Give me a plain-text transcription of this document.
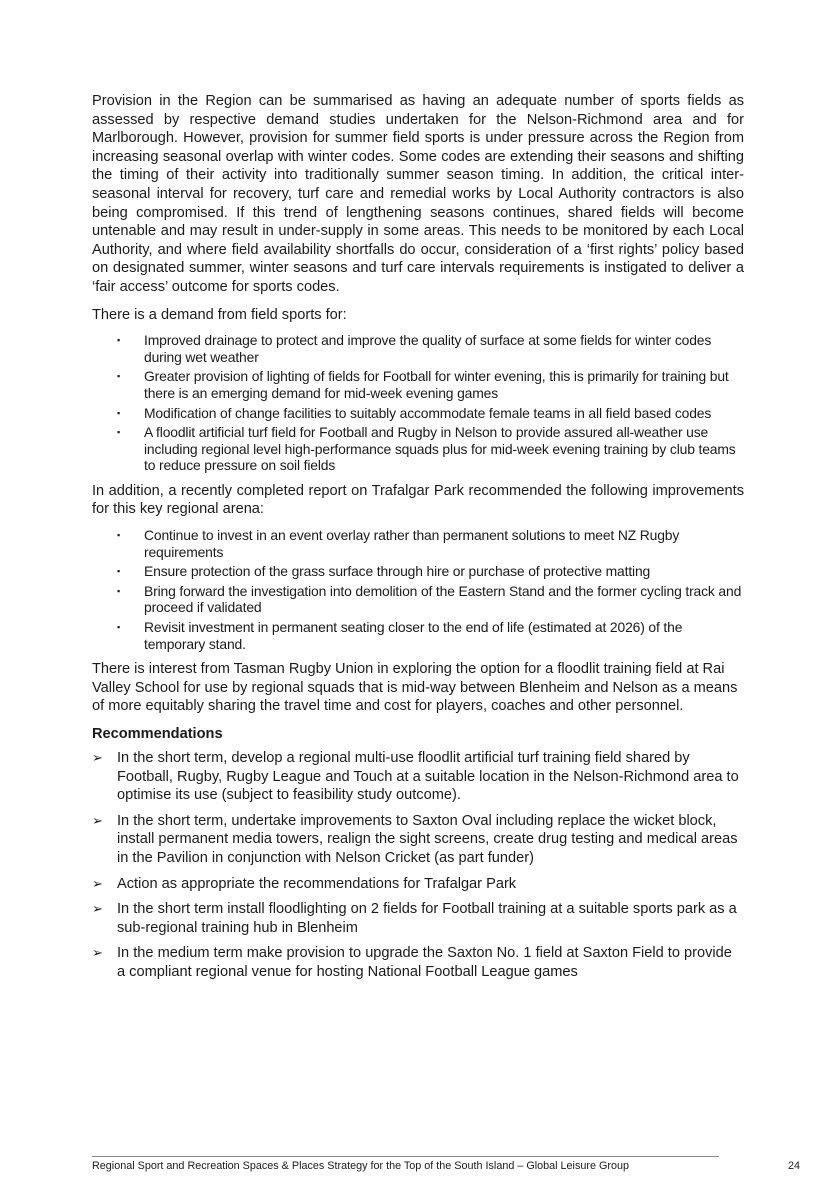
Provision in the Region can be summarised as having an adequate number of sports fields as assessed by respective demand studies undertaken for the Nelson-Richmond area and for Marlborough. However, provision for summer field sports is under pressure across the Region from increasing seasonal overlap with winter codes. Some codes are extending their seasons and shifting the timing of their activity into traditionally summer season timing. In addition, the critical inter-seasonal interval for recovery, turf care and remedial works by Local Authority contractors is also being compromised. If this trend of lengthening seasons continues, shared fields will become untenable and may result in under-supply in some areas. This needs to be monitored by each Local Authority, and where field availability shortfalls do occur, consideration of a ‘first rights’ policy based on designated summer, winter seasons and turf care intervals requirements is instigated to deliver a ‘fair access’ outcome for sports codes.

There is a demand from field sports for:

▪ Improved drainage to protect and improve the quality of surface at some fields for winter codes during wet weather
▪ Greater provision of lighting of fields for Football for winter evening, this is primarily for training but there is an emerging demand for mid-week evening games
▪ Modification of change facilities to suitably accommodate female teams in all field based codes
▪ A floodlit artificial turf field for Football and Rugby in Nelson to provide assured all-weather use including regional level high-performance squads plus for mid-week evening training by club teams to reduce pressure on soil fields

In addition, a recently completed report on Trafalgar Park recommended the following improvements for this key regional arena:

▪ Continue to invest in an event overlay rather than permanent solutions to meet NZ Rugby requirements
▪ Ensure protection of the grass surface through hire or purchase of protective matting
▪ Bring forward the investigation into demolition of the Eastern Stand and the former cycling track and proceed if validated
▪ Revisit investment in permanent seating closer to the end of life (estimated at 2026) of the temporary stand.

There is interest from Tasman Rugby Union in exploring the option for a floodlit training field at Rai Valley School for use by regional squads that is mid-way between Blenheim and Nelson as a means of more equitably sharing the travel time and cost for players, coaches and other personnel.

Recommendations
➢ In the short term, develop a regional multi-use floodlit artificial turf training field shared by Football, Rugby, Rugby League and Touch at a suitable location in the Nelson-Richmond area to optimise its use (subject to feasibility study outcome).
➢ In the short term, undertake improvements to Saxton Oval including replace the wicket block, install permanent media towers, realign the sight screens, create drug testing and medical areas in the Pavilion in conjunction with Nelson Cricket (as part funder)
➢ Action as appropriate the recommendations for Trafalgar Park
➢ In the short term install floodlighting on 2 fields for Football training at a suitable sports park as a sub-regional training hub in Blenheim
➢ In the medium term make provision to upgrade the Saxton No. 1 field at Saxton Field to provide a compliant regional venue for hosting National Football League games
Regional Sport and Recreation Spaces & Places Strategy for the Top of the South Island – Global Leisure Group	24
